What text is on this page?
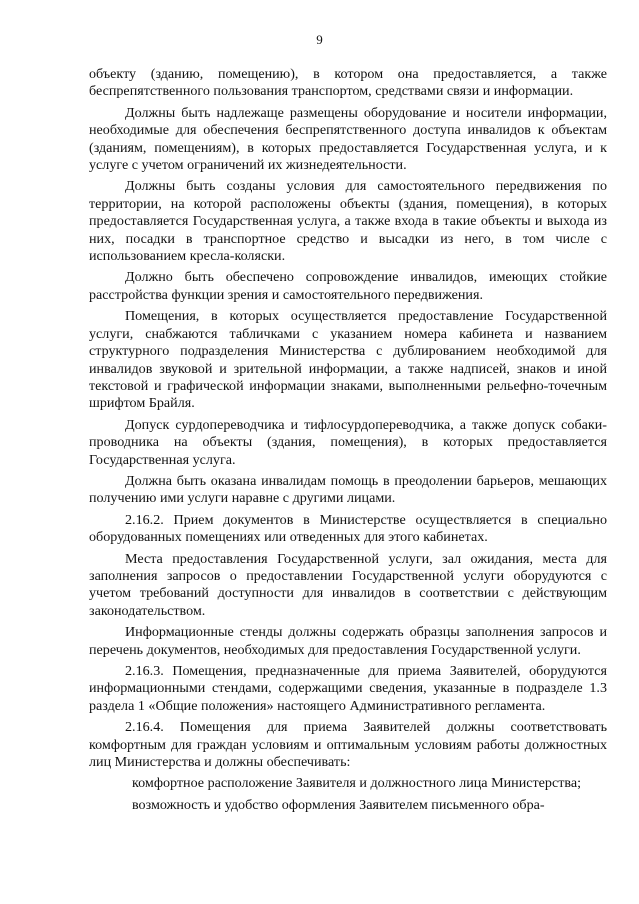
9

объекту (зданию, помещению), в котором она предоставляется, а также беспрепятственного пользования транспортом, средствами связи и информации.

Должны быть надлежаще размещены оборудование и носители информации, необходимые для обеспечения беспрепятственного доступа инвалидов к объектам (зданиям, помещениям), в которых предоставляется Государственная услуга, и к услуге с учетом ограничений их жизнедеятельности.

Должны быть созданы условия для самостоятельного передвижения по территории, на которой расположены объекты (здания, помещения), в которых предоставляется Государственная услуга, а также входа в такие объекты и выхода из них, посадки в транспортное средство и высадки из него, в том числе с использованием кресла-коляски.

Должно быть обеспечено сопровождение инвалидов, имеющих стойкие расстройства функции зрения и самостоятельного передвижения.

Помещения, в которых осуществляется предоставление Государственной услуги, снабжаются табличками с указанием номера кабинета и названием структурного подразделения Министерства с дублированием необходимой для инвалидов звуковой и зрительной информации, а также надписей, знаков и иной текстовой и графической информации знаками, выполненными рельефно-точечным шрифтом Брайля.

Допуск сурдопереводчика и тифлосурдопереводчика, а также допуск собаки-проводника на объекты (здания, помещения), в которых предоставляется Государственная услуга.

Должна быть оказана инвалидам помощь в преодолении барьеров, мешающих получению ими услуги наравне с другими лицами.

2.16.2. Прием документов в Министерстве осуществляется в специально оборудованных помещениях или отведенных для этого кабинетах.

Места предоставления Государственной услуги, зал ожидания, места для заполнения запросов о предоставлении Государственной услуги оборудуются с учетом требований доступности для инвалидов в соответствии с действующим законодательством.

Информационные стенды должны содержать образцы заполнения запросов и перечень документов, необходимых для предоставления Государственной услуги.

2.16.3. Помещения, предназначенные для приема Заявителей, оборудуются информационными стендами, содержащими сведения, указанные в подразделе 1.3 раздела 1 «Общие положения» настоящего Административного регламента.

2.16.4. Помещения для приема Заявителей должны соответствовать комфортным для граждан условиям и оптимальным условиям работы должностных лиц Министерства и должны обеспечивать:

комфортное расположение Заявителя и должностного лица Министерства;

возможность и удобство оформления Заявителем письменного обра-
